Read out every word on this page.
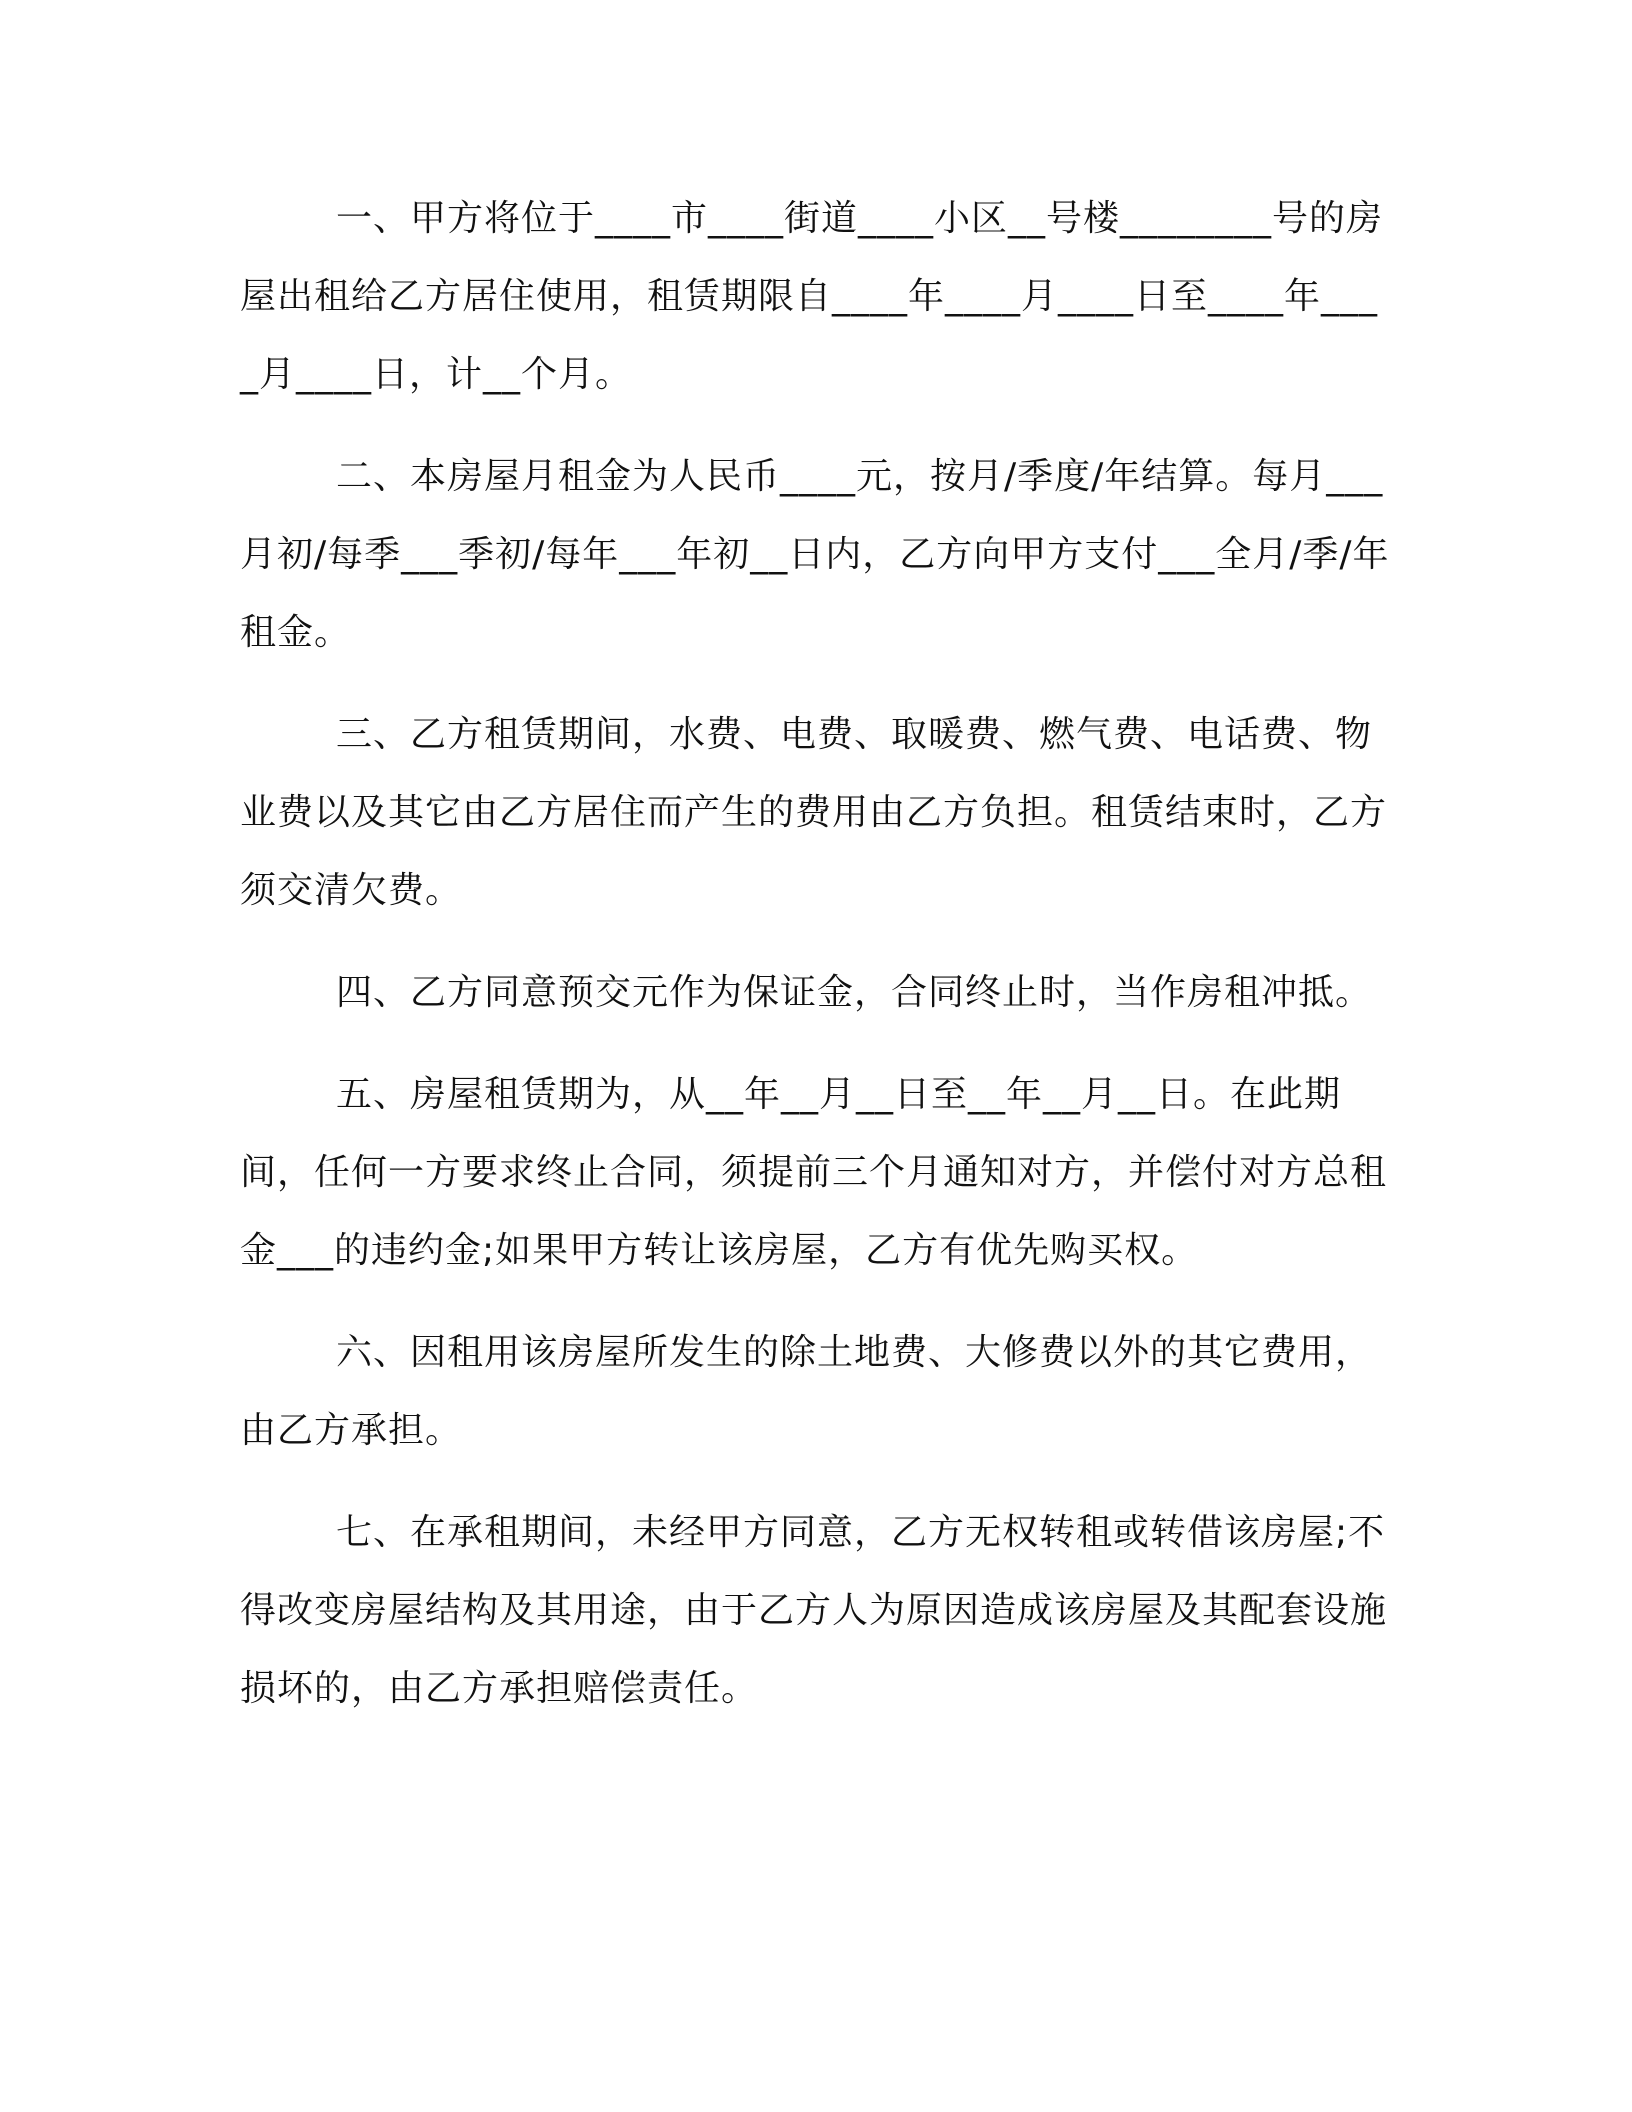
一、甲方将位于____市____街道____小区__号楼________号的房屋出租给乙方居住使用，租赁期限自____年____月____日至____年____月____日，计__个月。

二、本房屋月租金为人民币____元，按月/季度/年结算。每月___月初/每季___季初/每年___年初__日内，乙方向甲方支付___全月/季/年租金。

三、乙方租赁期间，水费、电费、取暖费、燃气费、电话费、物业费以及其它由乙方居住而产生的费用由乙方负担。租赁结束时，乙方须交清欠费。

四、乙方同意预交元作为保证金，合同终止时，当作房租冲抵。

五、房屋租赁期为，从__年__月__日至__年__月__日。在此期间，任何一方要求终止合同，须提前三个月通知对方，并偿付对方总租金___的违约金;如果甲方转让该房屋，乙方有优先购买权。

六、因租用该房屋所发生的除土地费、大修费以外的其它费用，由乙方承担。

七、在承租期间，未经甲方同意，乙方无权转租或转借该房屋;不得改变房屋结构及其用途，由于乙方人为原因造成该房屋及其配套设施损坏的，由乙方承担赔偿责任。
